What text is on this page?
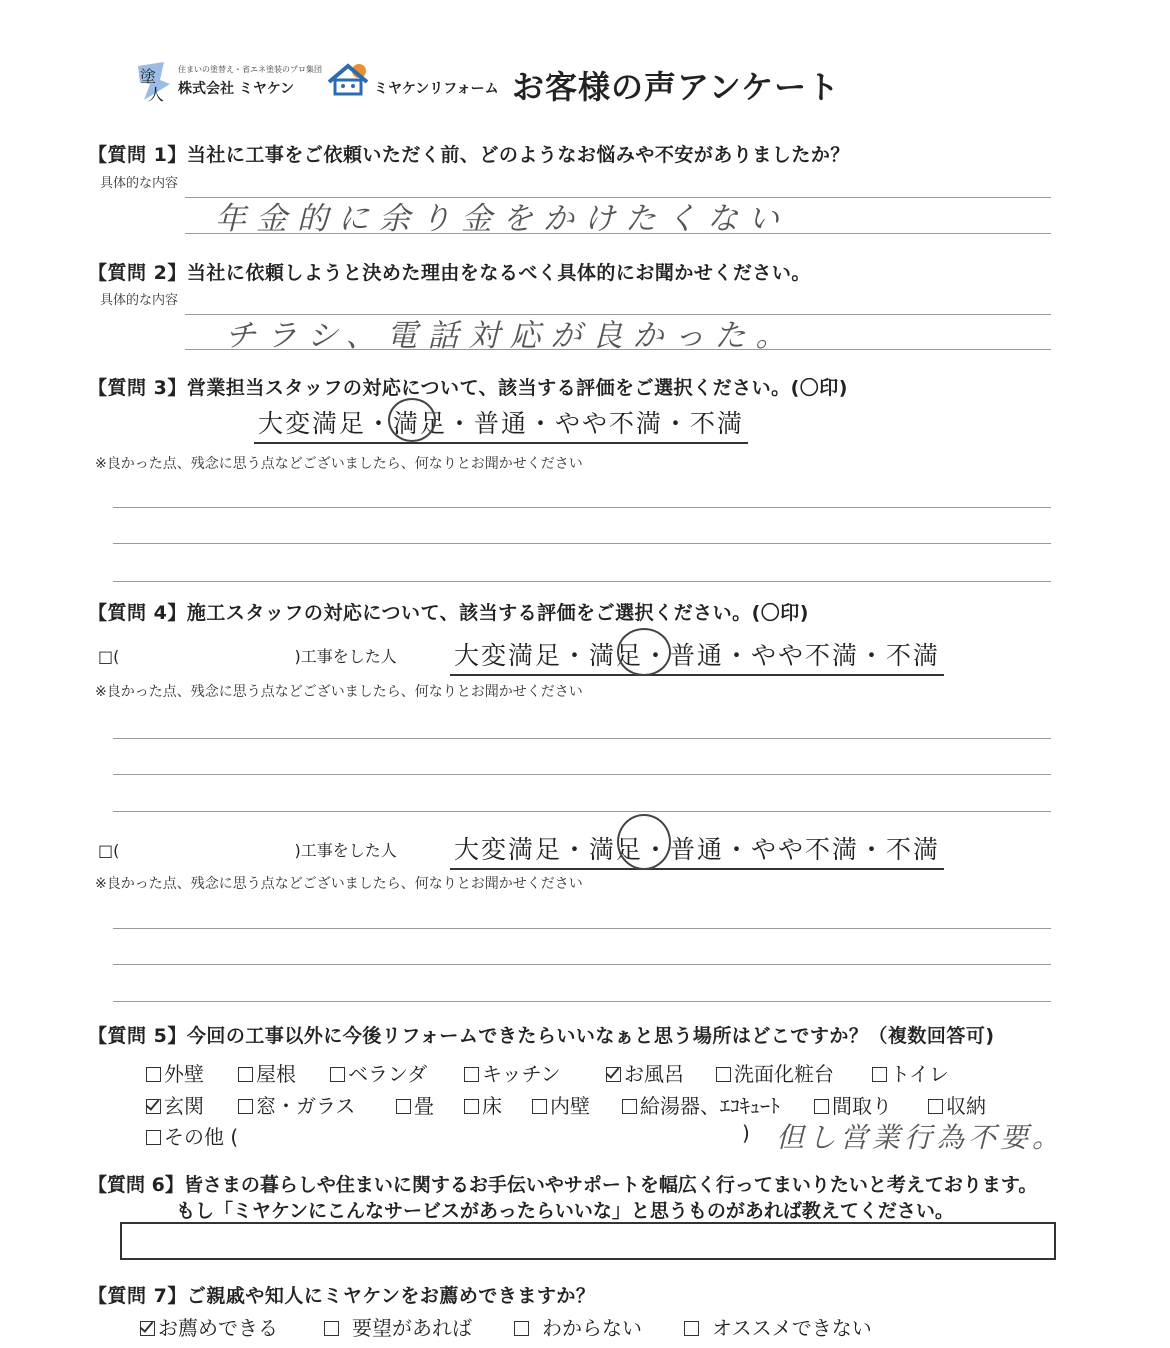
塗
人
住まいの塗替え・省エネ塗装のプロ集団
株式会社 ミヤケン	ミヤケンリフォーム お客様の声アンケート
【質問 1】当社に工事をご依頼いただく前、どのようなお悩みや不安がありましたか？
具体的な内容
年金的に余り金をかけたくない
【質問 2】当社に依頼しようと決めた理由をなるべく具体的にお聞かせください。
具体的な内容
チラシ、電話対応が良かった。
【質問 3】営業担当スタッフの対応について、該当する評価をご選択ください。(〇印)
大変満足・満足・普通・やや不満・不満
※良かった点、残念に思う点などございましたら、何なりとお聞かせください
【質問 4】施工スタッフの対応について、該当する評価をご選択ください。(〇印)
□(	)工事をした人 大変満足・満足・普通・やや不満・不満
※良かった点、残念に思う点などございましたら、何なりとお聞かせください
□(	)工事をした人 大変満足・満足・普通・やや不満・不満
※良かった点、残念に思う点などございましたら、何なりとお聞かせください
【質問 5】今回の工事以外に今後リフォームできたらいいなぁと思う場所はどこですか？（複数回答可)
外壁	屋根	ベランダ	キッチン	お風呂	洗面化粧台	トイレ
玄関	窓・ガラス	畳	床	内壁	給湯器、ｴｺｷｭｰﾄ	間取り	収納
その他 (	) 但し営業行為不要。
【質問 6】皆さまの暮らしや住まいに関するお手伝いやサポートを幅広く行ってまいりたいと考えております。
もし「ミヤケンにこんなサービスがあったらいいな」と思うものがあれば教えてください。
【質問 7】ご親戚や知人にミヤケンをお薦めできますか？
お薦めできる	要望があれば	わからない	オススメできない
